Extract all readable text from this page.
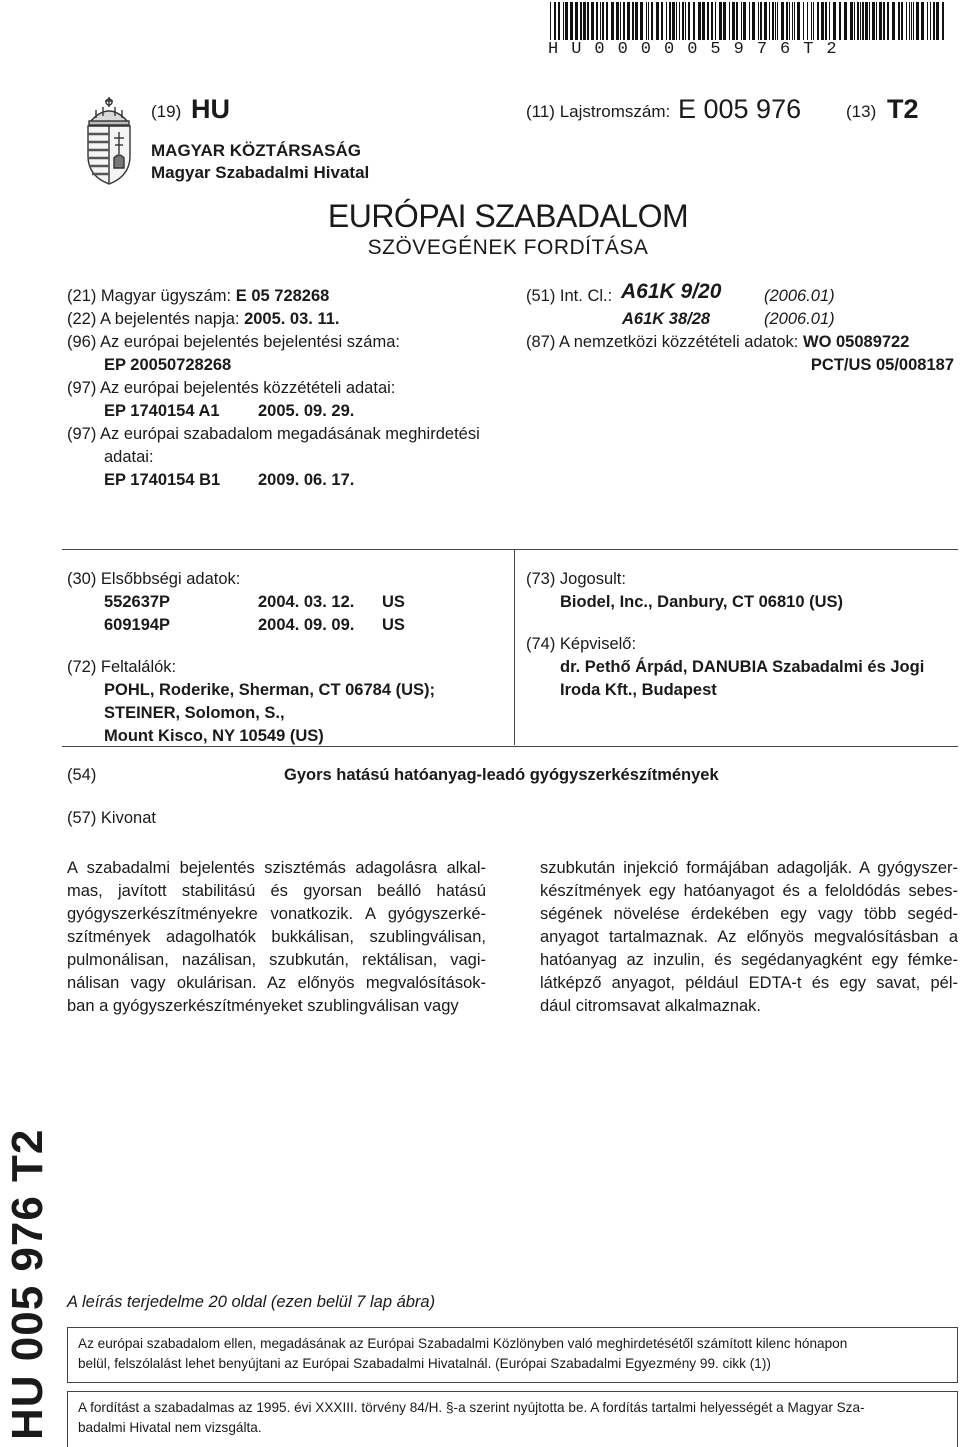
HU000005976T2
(19) HU
MAGYAR KÖZTÁRSASÁG
Magyar Szabadalmi Hivatal
(11) Lajstromszám: E 005 976	(13) T2
EURÓPAI SZABADALOM
SZÖVEGÉNEK FORDÍTÁSA
(21) Magyar ügyszám: E 05 728268
(22) A bejelentés napja: 2005. 03. 11.
(96) Az európai bejelentés bejelentési száma:
EP 20050728268
(97) Az európai bejelentés közzétételi adatai:
EP 1740154 A1 2005. 09. 29.
(97) Az európai szabadalom megadásának meghirdetési
adatai:
EP 1740154 B1 2009. 06. 17.
(51) Int. Cl.: A61K 9/20	(2006.01)
A61K 38/28	(2006.01)
(87) A nemzetközi közzétételi adatok: WO 05089722
PCT/US 05/008187
(30) Elsőbbségi adatok:
552637P	2004. 03. 12. US
609194P	2004. 09. 09. US
(72) Feltalálók:
POHL, Roderike, Sherman, CT 06784 (US);
STEINER, Solomon, S.,
Mount Kisco, NY 10549 (US)
(73) Jogosult:
Biodel, Inc., Danbury, CT 06810 (US)
(74) Képviselő:
dr. Pethő Árpád, DANUBIA Szabadalmi és Jogi
Iroda Kft., Budapest
(54)	Gyors hatású hatóanyag-leadó gyógyszerkészítmények
(57) Kivonat
A szabadalmi bejelentés szisztémás adagolásra alkal-
mas, javított stabilitású és gyorsan beálló hatású
gyógyszerkészítményekre vonatkozik. A gyógyszerké-
szítmények adagolhatók bukkálisan, szublingválisan,
pulmonálisan, nazálisan, szubkután, rektálisan, vagi-
nálisan vagy okulárisan. Az előnyös megvalósítások-
ban a gyógyszerkészítményeket szublingválisan vagy
szubkután injekció formájában adagolják. A gyógyszer-
készítmények egy hatóanyagot és a feloldódás sebes-
ségének növelése érdekében egy vagy több segéd-
anyagot tartalmaznak. Az előnyös megvalósításban a
hatóanyag az inzulin, és segédanyagként egy fémke-
látképző anyagot, például EDTA-t és egy savat, pél-
dául citromsavat alkalmaznak.
HU 005 976 T2 A leírás terjedelme 20 oldal (ezen belül 7 lap ábra)
Az európai szabadalom ellen, megadásának az Európai Szabadalmi Közlönyben való meghirdetésétől számított kilenc hónapon
belül, felszólalást lehet benyújtani az Európai Szabadalmi Hivatalnál. (Európai Szabadalmi Egyezmény 99. cikk (1))
A fordítást a szabadalmas az 1995. évi XXXIII. törvény 84/H. §-a szerint nyújtotta be. A fordítás tartalmi helyességét a Magyar Sza-
badalmi Hivatal nem vizsgálta.
